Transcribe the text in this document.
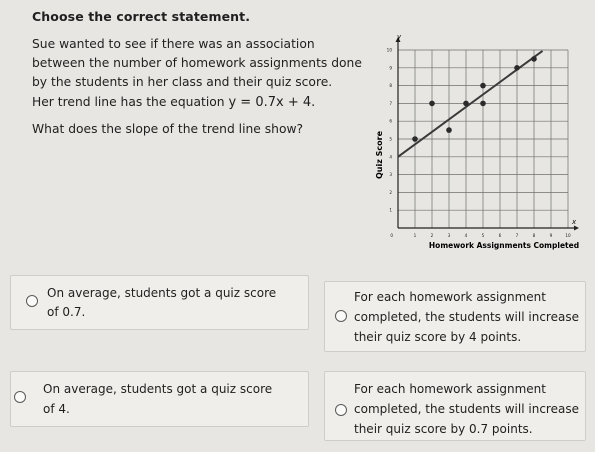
Choose the correct statement.
Sue wanted to see if there was an association between the number of homework assignments done by the students in her class and their quiz score.
Her trend line has the equation y = 0.7x + 4.
What does the slope of the trend line show?
1	2	3	4	5	6	7	8	9	10
1
2
3
4
5
6
7
8
9
10
0
Homework Assignments Completed
Quiz Score
x
y
On average, students got a quiz score
of 0.7.
For each homework assignment
completed, the students will increase
their quiz score by 4 points.
On average, students got a quiz score
of 4.
For each homework assignment
completed, the students will increase
their quiz score by 0.7 points.
